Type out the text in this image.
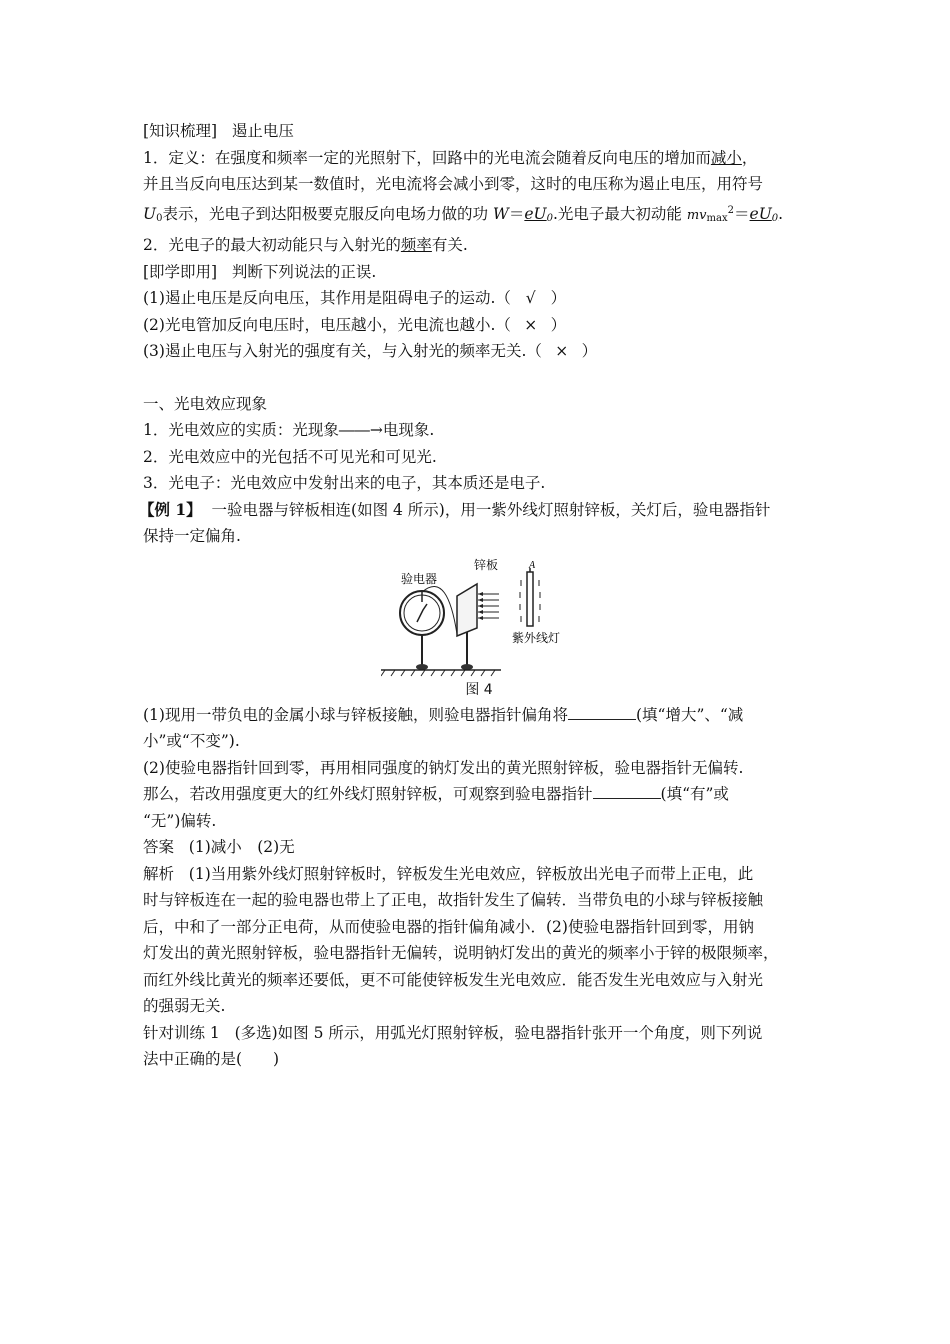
[知识梳理] 遏止电压
1．定义：在强度和频率一定的光照射下，回路中的光电流会随着反向电压的增加而减小，
并且当反向电压达到某一数值时，光电流将会减小到零，这时的电压称为遏止电压，用符号
$U_0$表示，光电子到达阳极要克服反向电场力做的功 $W=eU_0$.光电子最大初动能 $mv_{max}^2=eU_0$.
2．光电子的最大初动能只与入射光的频率有关.
[即学即用] 判断下列说法的正误.
(1)遏止电压是反向电压，其作用是阻碍电子的运动.（ √ ）
(2)光电管加反向电压时，电压越小，光电流也越小.（ × ）
(3)遏止电压与入射光的强度有关，与入射光的频率无关.（ × ）
一、光电效应现象
1．光电效应的实质：光现象――→电现象.
2．光电效应中的光包括不可见光和可见光.
3．光电子：光电效应中发射出来的电子，其本质还是电子.
【例 1】 一验电器与锌板相连(如图 4 所示)，用一紫外线灯照射锌板，关灯后，验电器指针
保持一定偏角.
验电器
锌板	A
紫外线灯
图 4
(1)现用一带负电的金属小球与锌板接触，则验电器指针偏角将	(填“增大”、“减
小”或“不变”).
(2)使验电器指针回到零，再用相同强度的钠灯发出的黄光照射锌板，验电器指针无偏转.
那么，若改用强度更大的红外线灯照射锌板，可观察到验电器指针	(填“有”或
“无”)偏转.
答案 (1)减小　(2)无
解析 (1)当用紫外线灯照射锌板时，锌板发生光电效应，锌板放出光电子而带上正电，此
时与锌板连在一起的验电器也带上了正电，故指针发生了偏转．当带负电的小球与锌板接触
后，中和了一部分正电荷，从而使验电器的指针偏角减小．(2)使验电器指针回到零，用钠
灯发出的黄光照射锌板，验电器指针无偏转，说明钠灯发出的黄光的频率小于锌的极限频率，
而红外线比黄光的频率还要低，更不可能使锌板发生光电效应．能否发生光电效应与入射光
的强弱无关.
针对训练 1 (多选)如图 5 所示，用弧光灯照射锌板，验电器指针张开一个角度，则下列说
法中正确的是(　　)
